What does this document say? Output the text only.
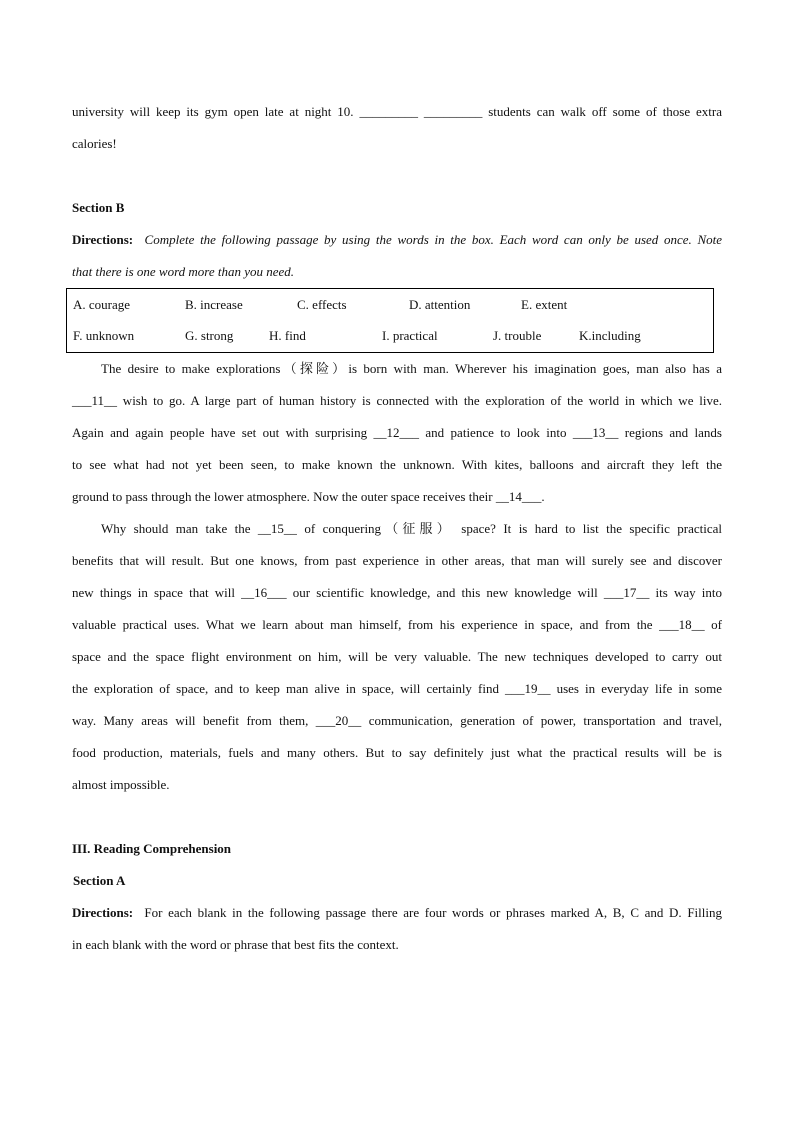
university will keep its gym open late at night 10. _________ _________ students can walk off some of those extra

calories!

Section B

Directions: Complete the following passage by using the words in the box. Each word can only be used once. Note

that there is one word more than you need.

A. courage	B. increase	C. effects	D. attention	E. extent
F. unknown	G. strong	H. find	I. practical	J. trouble	K.including

The desire to make explorations（探险）is born with man. Wherever his imagination goes, man also has a

___11__ wish to go. A large part of human history is connected with the exploration of the world in which we live.

Again and again people have set out with surprising __12___ and patience to look into ___13__ regions and lands

to see what had not yet been seen, to make known the unknown. With kites, balloons and aircraft they left the

ground to pass through the lower atmosphere. Now the outer space receives their __14___.

Why should man take the __15__ of conquering（征服） space? It is hard to list the specific practical

benefits that will result. But one knows, from past experience in other areas, that man will surely see and discover

new things in space that will __16___ our scientific knowledge, and this new knowledge will ___17__ its way into

valuable practical uses. What we learn about man himself, from his experience in space, and from the ___18__ of

space and the space flight environment on him, will be very valuable. The new techniques developed to carry out

the exploration of space, and to keep man alive in space, will certainly find ___19__ uses in everyday life in some

way. Many areas will benefit from them, ___20__ communication, generation of power, transportation and travel,

food production, materials, fuels and many others. But to say definitely just what the practical results will be is

almost impossible.

III. Reading Comprehension

Section A

Directions: For each blank in the following passage there are four words or phrases marked A, B, C and D. Filling

in each blank with the word or phrase that best fits the context.
